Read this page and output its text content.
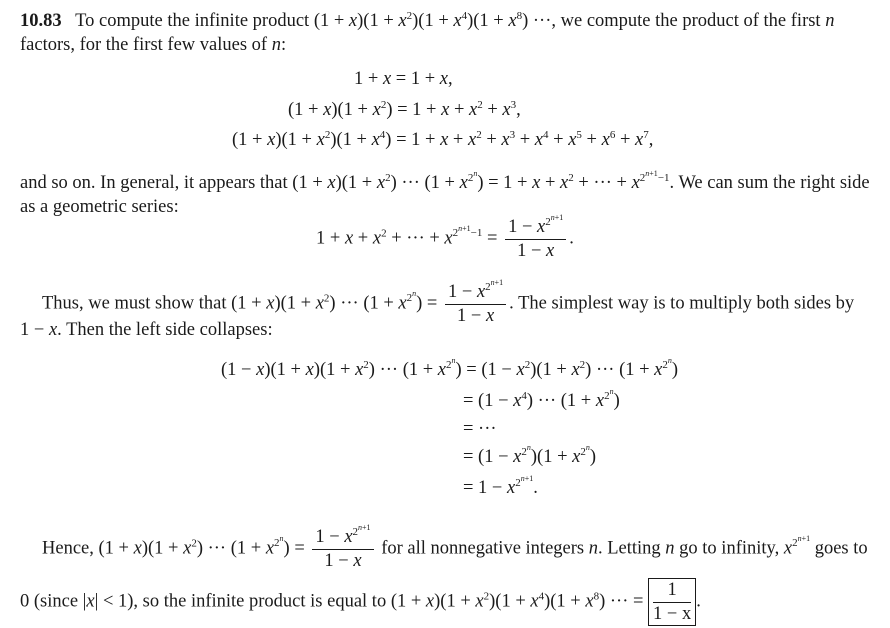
10.83 To compute the infinite product $(1 + x)(1 + x^2)(1 + x^4)(1 + x^8)$ ···, we compute the product of the first n
factors, for the first few values of n:
1 + x = 1 + x,
$(1 + x)(1 + x^2) = 1 + x + x^2 + x^3$,
$(1 + x)(1 + x^2)(1 + x^4) = 1 + x + x^2 + x^3 + x^4 + x^5 + x^6 + x^7$,
and so on. In general, it appears that $(1 + x)(1 + x^2)$ ··· $(1 + x^{2^n}) = 1 + x + x^2$ + ··· + $x^{2^{n+1}-1}$. We can sum the right side
as a geometric series:
$1 + x + x^2$ + ··· + $x^{2^{n+1}-1} = \frac{1 - x^{2^{n+1}}}{1 - x}$ .
Thus, we must show that $(1 + x)(1 + x^2)$ ··· $(1 + x^{2^n}) = \frac{1 - x^{2^{n+1}}}{1 - x}$ . The simplest way is to multiply both sides by
1 − x. Then the left side collapses:
$(1 - x)(1 + x)(1 + x^2)$ ··· $(1 + x^{2^n}) = (1 - x^2)(1 + x^2)$ ··· $(1 + x^{2^n})$
= $(1 - x^4)$ ··· $(1 + x^{2^n})$
= ···
= $(1 - x^{2^n})(1 + x^{2^n})$
= $1 - x^{2^{n+1}}$.
Hence, $(1 + x)(1 + x^2)$ ··· $(1 + x^{2^n}) = \frac{1 - x^{2^{n+1}}}{1 - x}$ for all nonnegative integers n. Letting n go to infinity, $x^{2^{n+1}}$ goes to
0 (since |x| < 1), so the infinite product is equal to $(1 + x)(1 + x^2)(1 + x^4)(1 + x^8)$ ··· = $\frac{1}{1 - x}$ .
